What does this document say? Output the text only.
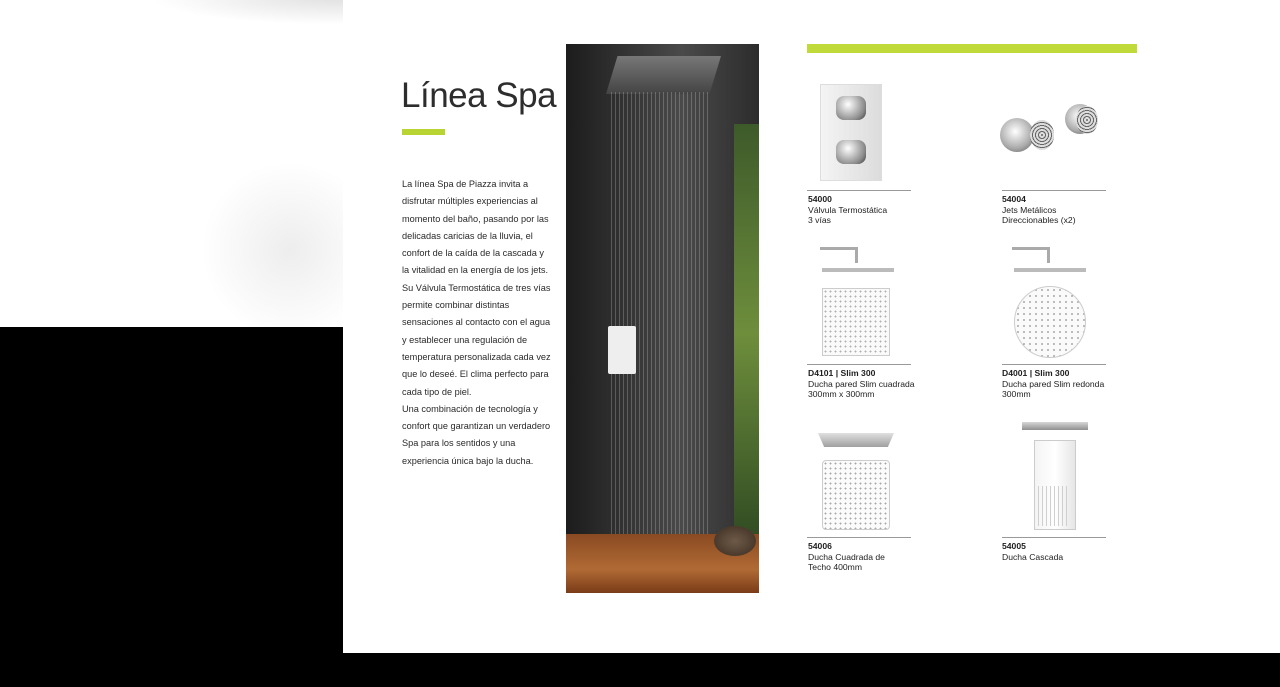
Línea Spa

La línea Spa de Piazza invita a disfrutar múltiples experiencias al momento del baño, pasando por las delicadas caricias de la lluvia, el confort de la caída de la cascada y la vitalidad en la energía de los jets. Su Válvula Termostática de tres vías permite combinar distintas sensaciones al contacto con el agua y establecer una regulación de temperatura personalizada cada vez que lo deseé. El clima perfecto para cada tipo de piel.

Una combinación de tecnología y confort que garantizan un verdadero Spa para los sentidos y una experiencia única bajo la ducha.

54000
Válvula Termostática
3 vías
54004
Jets Metálicos
Direccionables (x2)
D4101 | Slim 300
Ducha pared Slim cuadrada
300mm x 300mm
D4001 | Slim 300
Ducha pared Slim redonda
300mm
54006
Ducha Cuadrada de
Techo 400mm
54005
Ducha Cascada
